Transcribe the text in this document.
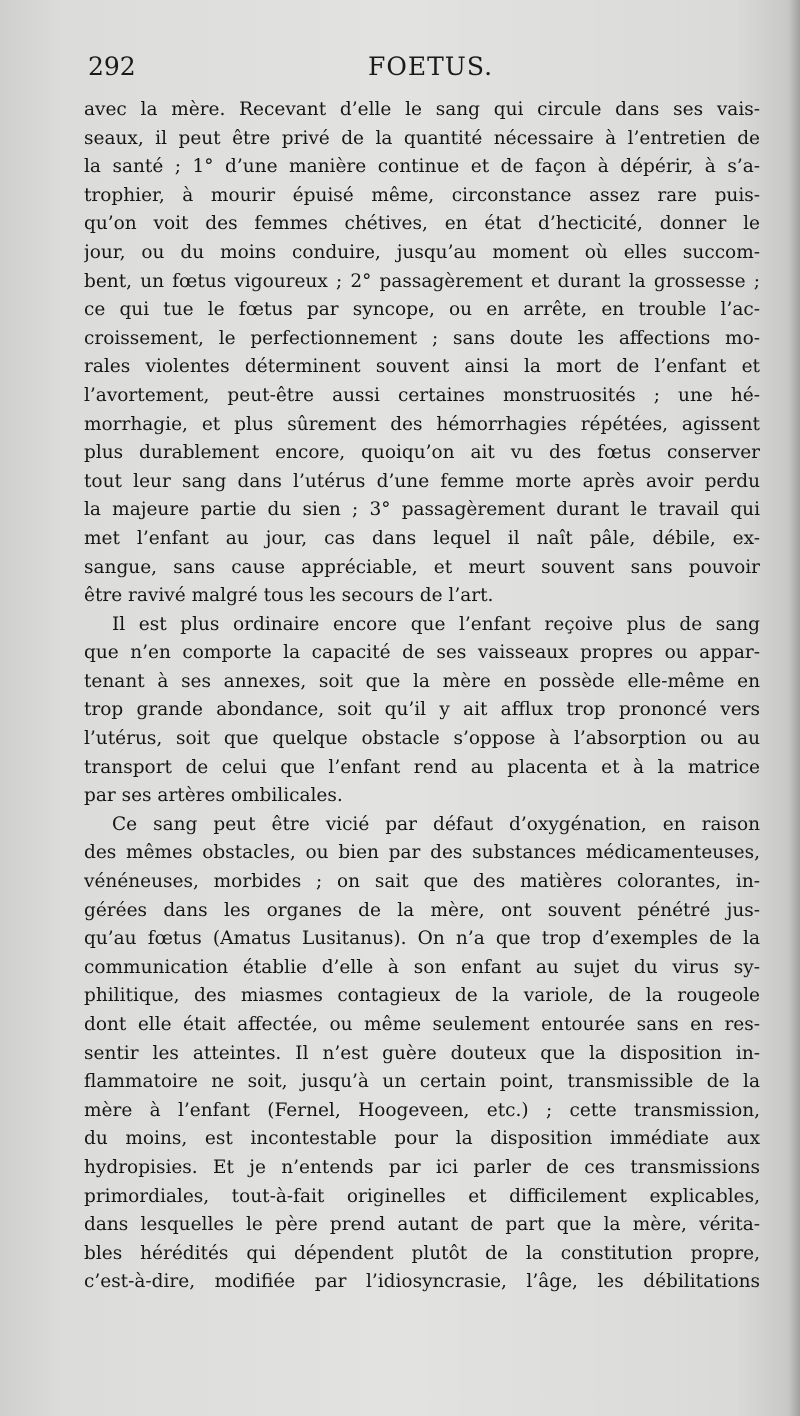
292	FOETUS.
avec la mère. Recevant d’elle le sang qui circule dans ses vais-
seaux, il peut être privé de la quantité nécessaire à l’entretien de
la santé ; 1° d’une manière continue et de façon à dépérir, à s’a-
trophier, à mourir épuisé même, circonstance assez rare puis-
qu’on voit des femmes chétives, en état d’hecticité, donner le
jour, ou du moins conduire, jusqu’au moment où elles succom-
bent, un fœtus vigoureux ; 2° passagèrement et durant la grossesse ;
ce qui tue le fœtus par syncope, ou en arrête, en trouble l’ac-
croissement, le perfectionnement ; sans doute les affections mo-
rales violentes déterminent souvent ainsi la mort de l’enfant et
l’avortement, peut-être aussi certaines monstruosités ; une hé-
morrhagie, et plus sûrement des hémorrhagies répétées, agissent
plus durablement encore, quoiqu’on ait vu des fœtus conserver
tout leur sang dans l’utérus d’une femme morte après avoir perdu
la majeure partie du sien ; 3° passagèrement durant le travail qui
met l’enfant au jour, cas dans lequel il naît pâle, débile, ex-
sangue, sans cause appréciable, et meurt souvent sans pouvoir
être ravivé malgré tous les secours de l’art.
Il est plus ordinaire encore que l’enfant reçoive plus de sang
que n’en comporte la capacité de ses vaisseaux propres ou appar-
tenant à ses annexes, soit que la mère en possède elle-même en
trop grande abondance, soit qu’il y ait afflux trop prononcé vers
l’utérus, soit que quelque obstacle s’oppose à l’absorption ou au
transport de celui que l’enfant rend au placenta et à la matrice
par ses artères ombilicales.
Ce sang peut être vicié par défaut d’oxygénation, en raison
des mêmes obstacles, ou bien par des substances médicamenteuses,
vénéneuses, morbides ; on sait que des matières colorantes, in-
gérées dans les organes de la mère, ont souvent pénétré jus-
qu’au fœtus (Amatus Lusitanus). On n’a que trop d’exemples de la
communication établie d’elle à son enfant au sujet du virus sy-
philitique, des miasmes contagieux de la variole, de la rougeole
dont elle était affectée, ou même seulement entourée sans en res-
sentir les atteintes. Il n’est guère douteux que la disposition in-
flammatoire ne soit, jusqu’à un certain point, transmissible de la
mère à l’enfant (Fernel, Hoogeveen, etc.) ; cette transmission,
du moins, est incontestable pour la disposition immédiate aux
hydropisies. Et je n’entends par ici parler de ces transmissions
primordiales, tout-à-fait originelles et difficilement explicables,
dans lesquelles le père prend autant de part que la mère, vérita-
bles hérédités qui dépendent plutôt de la constitution propre,
c’est-à-dire, modifiée par l’idiosyncrasie, l’âge, les débilitations
